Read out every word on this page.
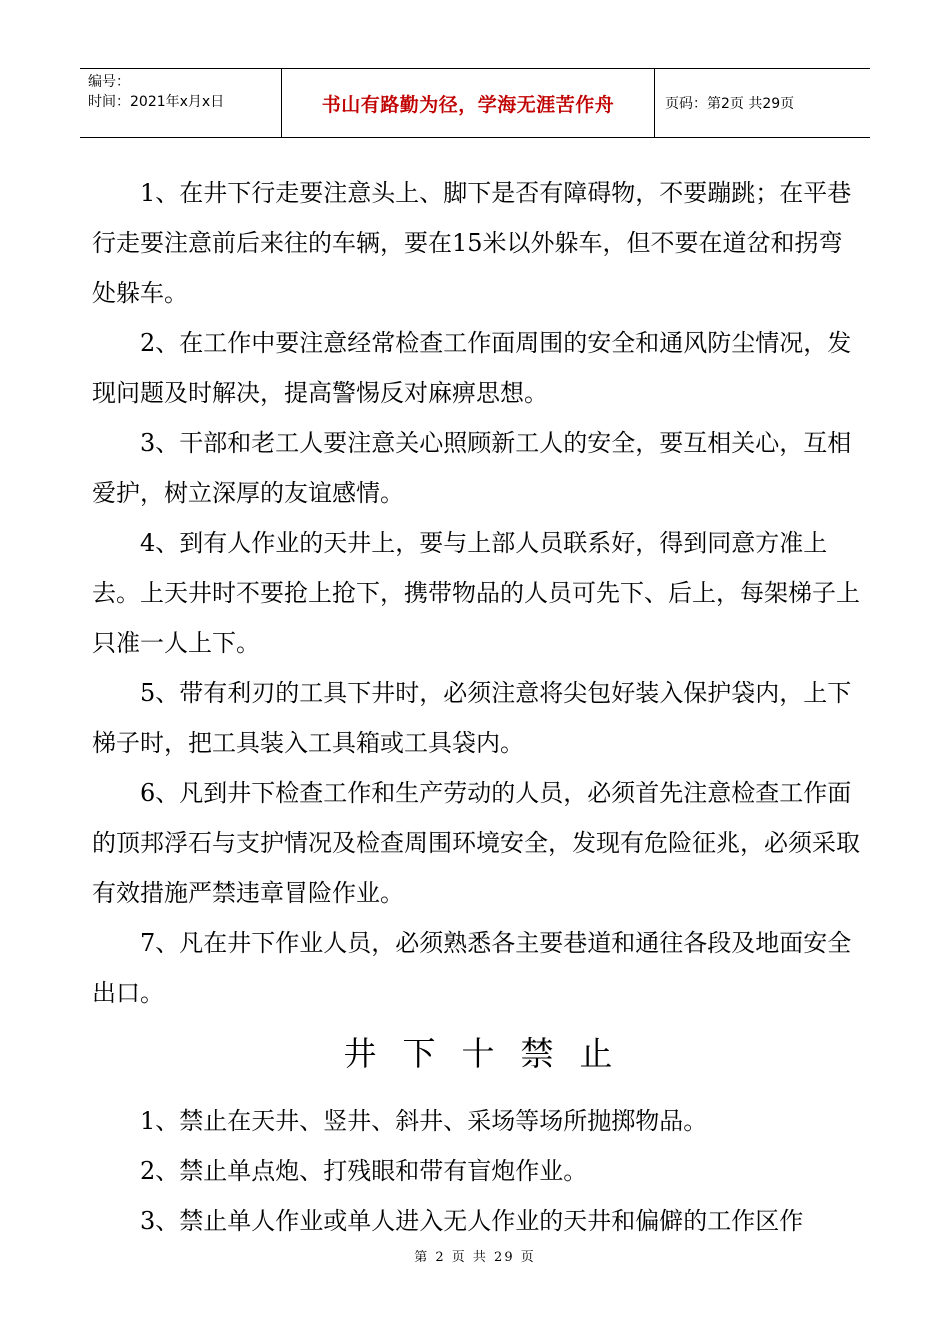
编号：
时间：2021年x月x日	书山有路勤为径，学海无涯苦作舟	页码：第2页 共29页

1、在井下行走要注意头上、脚下是否有障碍物，不要蹦跳；在平巷行走要注意前后来往的车辆，要在15米以外躲车，但不要在道岔和拐弯处躲车。

2、在工作中要注意经常检查工作面周围的安全和通风防尘情况，发现问题及时解决，提高警惕反对麻痹思想。

3、干部和老工人要注意关心照顾新工人的安全，要互相关心，互相爱护，树立深厚的友谊感情。

4、到有人作业的天井上，要与上部人员联系好，得到同意方准上去。上天井时不要抢上抢下，携带物品的人员可先下、后上，每架梯子上只准一人上下。

5、带有利刃的工具下井时，必须注意将尖包好装入保护袋内，上下梯子时，把工具装入工具箱或工具袋内。

6、凡到井下检查工作和生产劳动的人员，必须首先注意检查工作面的顶邦浮石与支护情况及检查周围环境安全，发现有危险征兆，必须采取有效措施严禁违章冒险作业。

7、凡在井下作业人员，必须熟悉各主要巷道和通往各段及地面安全出口。

井下十禁止

1、禁止在天井、竖井、斜井、采场等场所抛掷物品。

2、禁止单点炮、打残眼和带有盲炮作业。

3、禁止单人作业或单人进入无人作业的天井和偏僻的工作区作

第 2 页 共 29 页
